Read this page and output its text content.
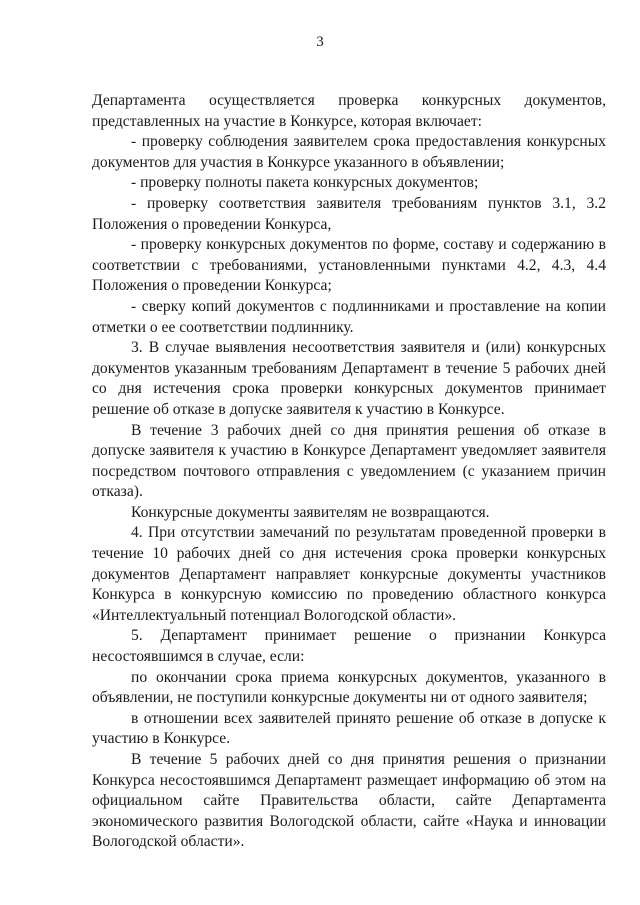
3

Департамента осуществляется проверка конкурсных документов, представленных на участие в Конкурсе, которая включает:

- проверку соблюдения заявителем срока предоставления конкурсных документов для участия в Конкурсе указанного в объявлении;

- проверку полноты пакета конкурсных документов;

- проверку соответствия заявителя требованиям пунктов 3.1, 3.2 Положения о проведении Конкурса,

- проверку конкурсных документов по форме, составу и содержанию в соответствии с требованиями, установленными пунктами 4.2, 4.3, 4.4 Положения о проведении Конкурса;

- сверку копий документов с подлинниками и проставление на копии отметки о ее соответствии подлиннику.

3. В случае выявления несоответствия заявителя и (или) конкурсных документов указанным требованиям Департамент в течение 5 рабочих дней со дня истечения срока проверки конкурсных документов принимает решение об отказе в допуске заявителя к участию в Конкурсе.

В течение 3 рабочих дней со дня принятия решения об отказе в допуске заявителя к участию в Конкурсе Департамент уведомляет заявителя посредством почтового отправления с уведомлением (с указанием причин отказа).

Конкурсные документы заявителям не возвращаются.

4. При отсутствии замечаний по результатам проведенной проверки в течение 10 рабочих дней со дня истечения срока проверки конкурсных документов Департамент направляет конкурсные документы участников Конкурса в конкурсную комиссию по проведению областного конкурса «Интеллектуальный потенциал Вологодской области».

5. Департамент принимает решение о признании Конкурса несостоявшимся в случае, если:

по окончании срока приема конкурсных документов, указанного в объявлении, не поступили конкурсные документы ни от одного заявителя;

в отношении всех заявителей принято решение об отказе в допуске к участию в Конкурсе.

В течение 5 рабочих дней со дня принятия решения о признании Конкурса несостоявшимся Департамент размещает информацию об этом на официальном сайте Правительства области, сайте Департамента экономического развития Вологодской области, сайте «Наука и инновации Вологодской области».
